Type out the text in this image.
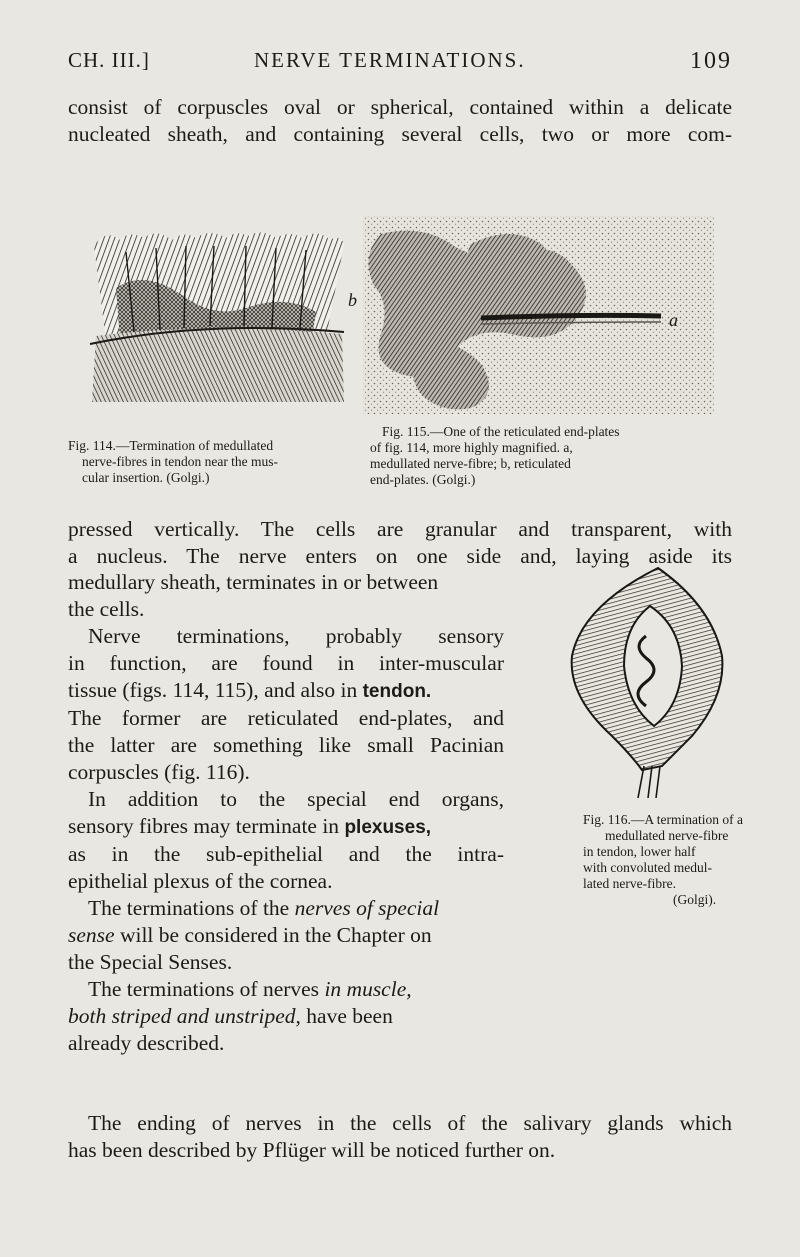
CH. III.]	NERVE TERMINATIONS.	109
consist of corpuscles oval or spherical, contained within a delicate
nucleated sheath, and containing several cells, two or more com-
b
a
Fig. 114.—Termination of medullated
nerve-fibres in tendon near the mus-
cular insertion. (Golgi.)
Fig. 115.—One of the reticulated end-plates
of fig. 114, more highly magnified. a,
medullated nerve-fibre; b, reticulated
end-plates. (Golgi.)
Fig. 116.—A termination of a
medullated nerve-fibre
in tendon, lower half
with convoluted medul-
lated nerve-fibre.
(Golgi).
pressed vertically. The cells are granular and transparent, with
a nucleus. The nerve enters on one side and, laying aside its
medullary sheath, terminates in or between
the cells.
Nerve terminations, probably sensory
in function, are found in inter-muscular
tissue (figs. 114, 115), and also in tendon.
The former are reticulated end-plates, and
the latter are something like small Pacinian
corpuscles (fig. 116).
In addition to the special end organs,
sensory fibres may terminate in plexuses,
as in the sub-epithelial and the intra-
epithelial plexus of the cornea.
The terminations of the nerves of special
sense will be considered in the Chapter on
the Special Senses.
The terminations of nerves in muscle,
both striped and unstriped, have been
already described.
The ending of nerves in the cells of the salivary glands which
has been described by Pflüger will be noticed further on.
